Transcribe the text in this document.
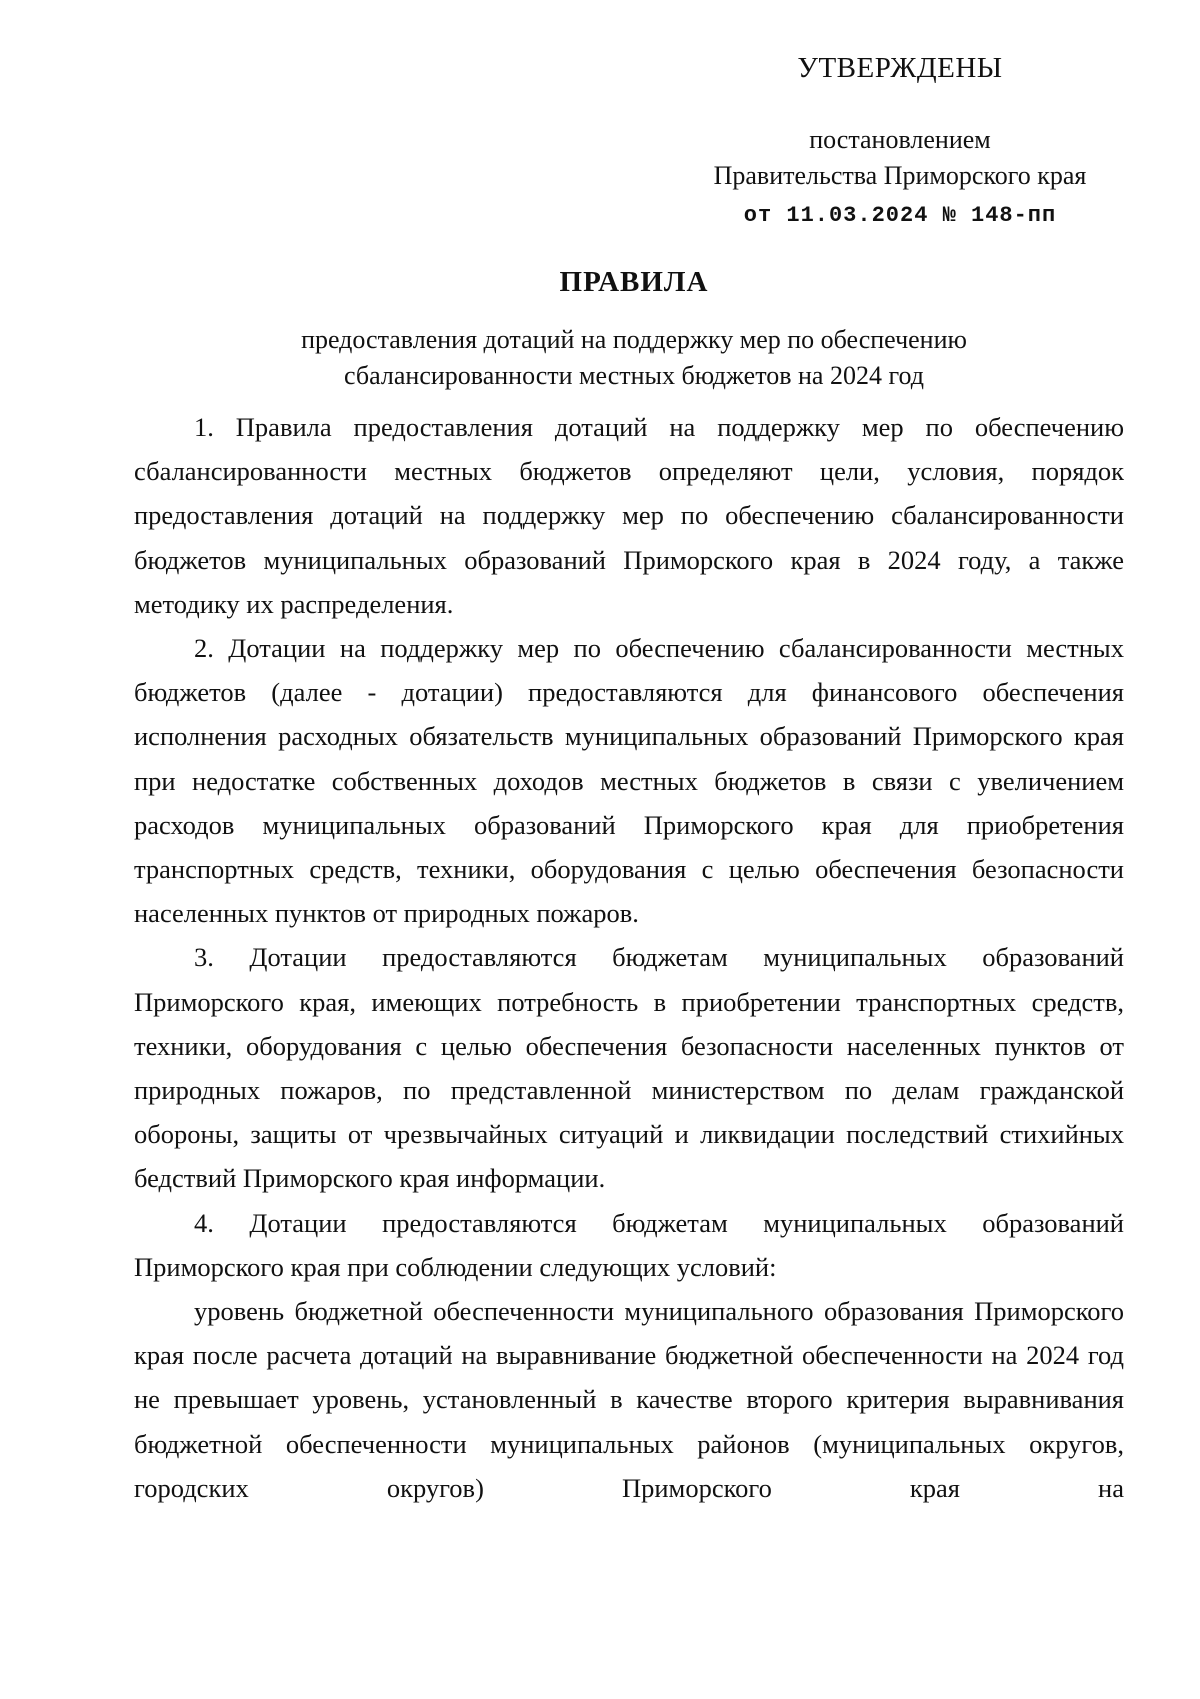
УТВЕРЖДЕНЫ
постановлением
Правительства Приморского края
от 11.03.2024 № 148-пп
ПРАВИЛА
предоставления дотаций на поддержку мер по обеспечению
сбалансированности местных бюджетов на 2024 год

1. Правила предоставления дотаций на поддержку мер по обеспечению сбалансированности местных бюджетов определяют цели, условия, порядок предоставления дотаций на поддержку мер по обеспечению сбалансированности бюджетов муниципальных образований Приморского края в 2024 году, а также методику их распределения.

2. Дотации на поддержку мер по обеспечению сбалансированности местных бюджетов (далее - дотации) предоставляются для финансового обеспечения исполнения расходных обязательств муниципальных образований Приморского края при недостатке собственных доходов местных бюджетов в связи с увеличением расходов муниципальных образований Приморского края для приобретения транспортных средств, техники, оборудования с целью обеспечения безопасности населенных пунктов от природных пожаров.

3. Дотации предоставляются бюджетам муниципальных образований Приморского края, имеющих потребность в приобретении транспортных средств, техники, оборудования с целью обеспечения безопасности населенных пунктов от природных пожаров, по представленной министерством по делам гражданской обороны, защиты от чрезвычайных ситуаций и ликвидации последствий стихийных бедствий Приморского края информации.

4. Дотации предоставляются бюджетам муниципальных образований Приморского края при соблюдении следующих условий:

уровень бюджетной обеспеченности муниципального образования Приморского края после расчета дотаций на выравнивание бюджетной обеспеченности на 2024 год не превышает уровень, установленный в качестве второго критерия выравнивания бюджетной обеспеченности муниципальных районов (муниципальных округов, городских округов) Приморского края на
